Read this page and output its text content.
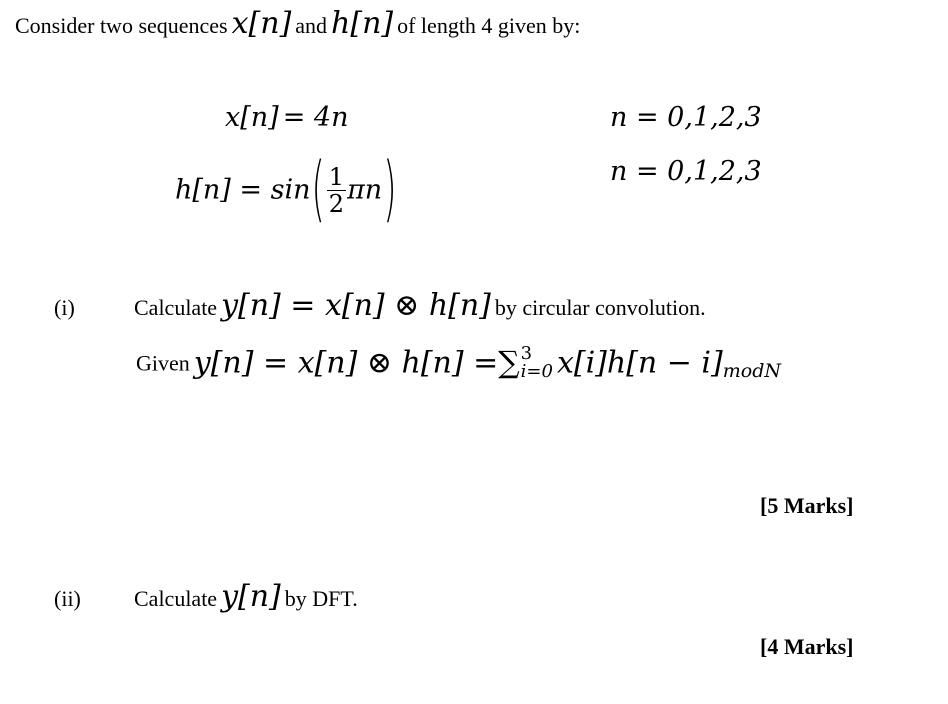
Consider two sequences x[n] and h[n] of length 4 given by:
x[n] = 4n	n = 0,1,2,3
$h[n] = \sin( \frac{1}{2} \pi n)$	n = 0,1,2,3
(i)	Calculate y[n] = x[n] ⊗ h[n] by circular convolution.
Given y[n] = x[n] ⊗ h[n] =∑ 3
i=0 x[i]h[n − i]modN
[5 Marks]
(ii) Calculate y[n] by DFT.
[4 Marks]
